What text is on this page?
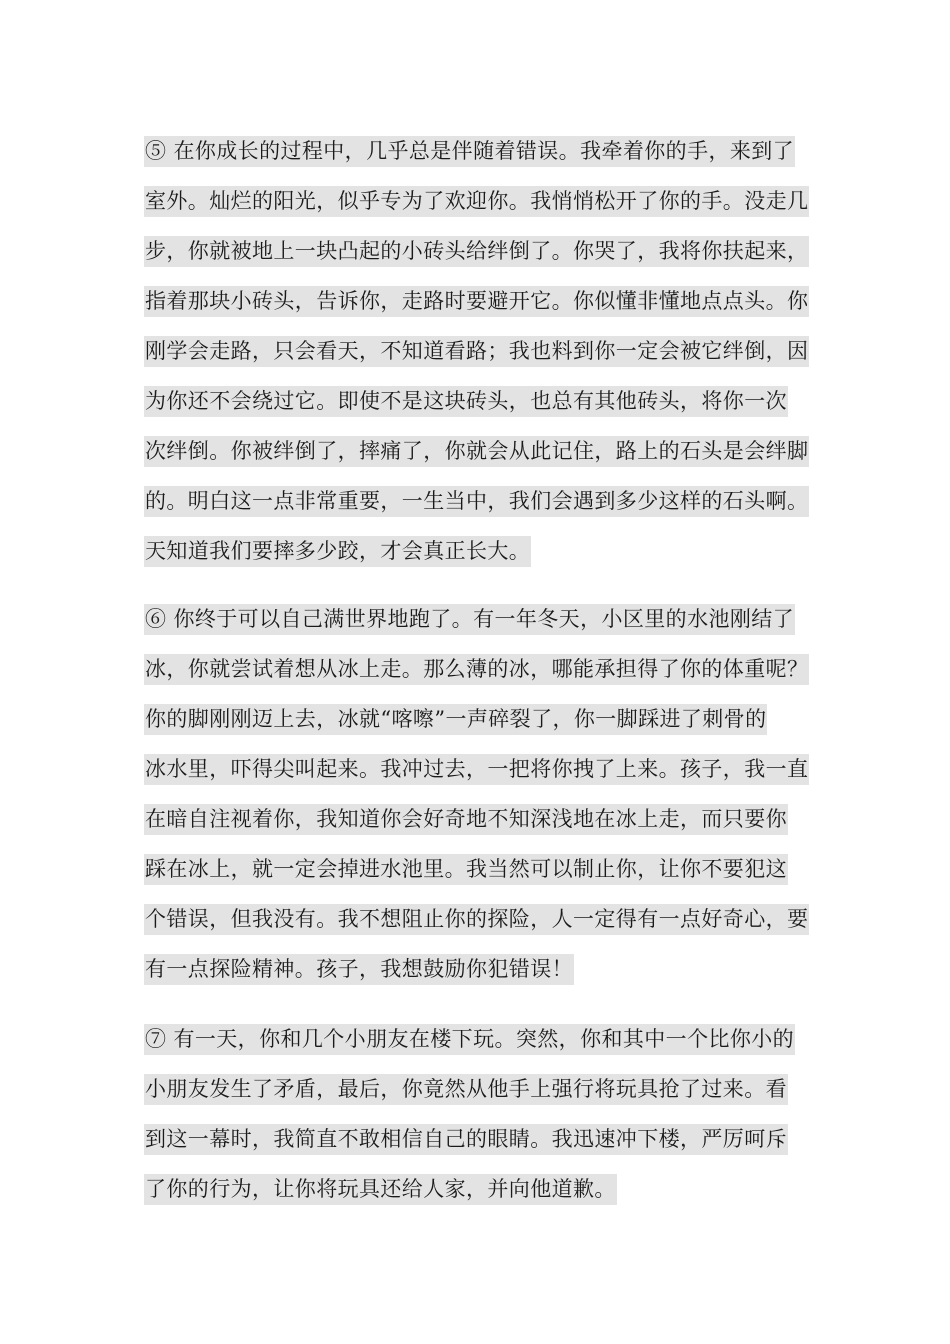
⑤ 在你成长的过程中，几乎总是伴随着错误。我牵着你的手，来到了
室外。灿烂的阳光，似乎专为了欢迎你。我悄悄松开了你的手。没走几
步，你就被地上一块凸起的小砖头给绊倒了。你哭了，我将你扶起来，
指着那块小砖头，告诉你，走路时要避开它。你似懂非懂地点点头。你
刚学会走路，只会看天，不知道看路；我也料到你一定会被它绊倒，因
为你还不会绕过它。即使不是这块砖头，也总有其他砖头，将你一次
次绊倒。你被绊倒了，摔痛了，你就会从此记住，路上的石头是会绊脚
的。明白这一点非常重要，一生当中，我们会遇到多少这样的石头啊。
天知道我们要摔多少跤，才会真正长大。
⑥ 你终于可以自己满世界地跑了。有一年冬天，小区里的水池刚结了
冰，你就尝试着想从冰上走。那么薄的冰，哪能承担得了你的体重呢？
你的脚刚刚迈上去，冰就“喀嚓”一声碎裂了，你一脚踩进了刺骨的
冰水里，吓得尖叫起来。我冲过去，一把将你拽了上来。孩子，我一直
在暗自注视着你，我知道你会好奇地不知深浅地在冰上走，而只要你
踩在冰上，就一定会掉进水池里。我当然可以制止你，让你不要犯这
个错误，但我没有。我不想阻止你的探险，人一定得有一点好奇心，要
有一点探险精神。孩子，我想鼓励你犯错误！
⑦ 有一天，你和几个小朋友在楼下玩。突然，你和其中一个比你小的
小朋友发生了矛盾，最后，你竟然从他手上强行将玩具抢了过来。看
到这一幕时，我简直不敢相信自己的眼睛。我迅速冲下楼，严厉呵斥
了你的行为，让你将玩具还给人家，并向他道歉。
